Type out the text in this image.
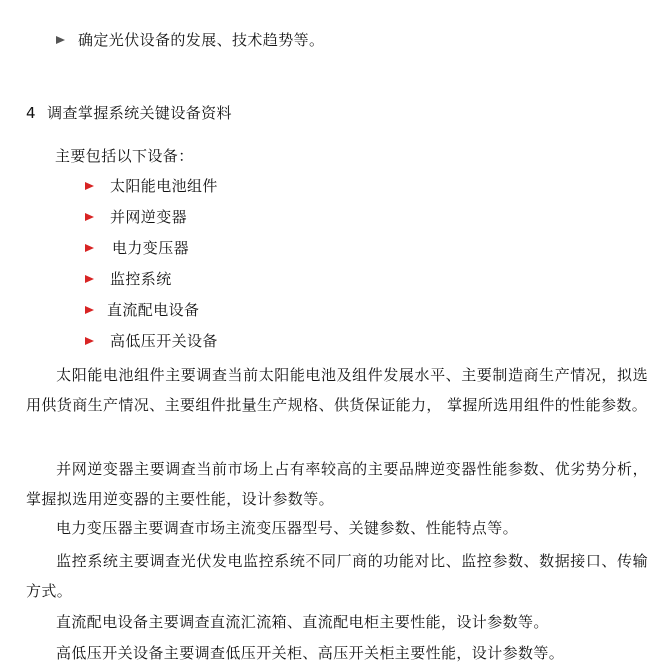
确定光伏设备的发展、技术趋势等。
4 调查掌握系统关键设备资料
主要包括以下设备：
太阳能电池组件
并网逆变器
电力变压器
监控系统
直流配电设备
高低压开关设备
太阳能电池组件主要调查当前太阳能电池及组件发展水平、主要制造商生产情况，拟选用供货商生产情况、主要组件批量生产规格、供货保证能力， 掌握所选用组件的性能参数。
并网逆变器主要调查当前市场上占有率较高的主要品牌逆变器性能参数、优劣势分析，掌握拟选用逆变器的主要性能，设计参数等。
电力变压器主要调查市场主流变压器型号、关键参数、性能特点等。
监控系统主要调查光伏发电监控系统不同厂商的功能对比、监控参数、数据接口、传输方式。
直流配电设备主要调查直流汇流箱、直流配电柜主要性能，设计参数等。
高低压开关设备主要调查低压开关柜、高压开关柜主要性能，设计参数等。
